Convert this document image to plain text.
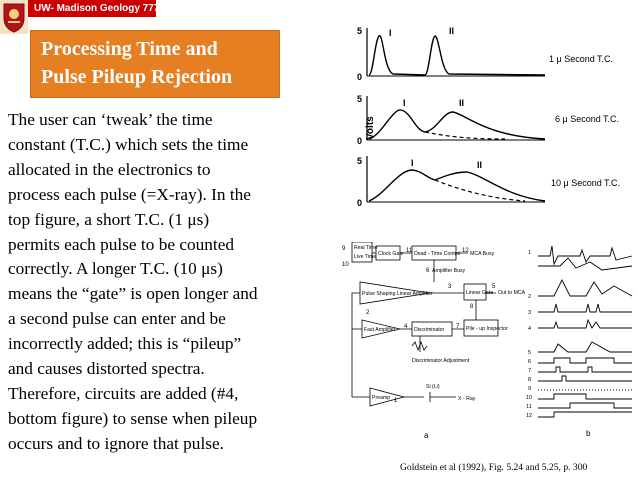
UW- Madison Geology 777
Processing Time and
Pulse Pileup Rejection
The user can ‘tweak’ the time
constant (T.C.) which sets the time
allocated in the electronics to
process each pulse (=X-ray). In the
top figure, a short T.C. (1 μs)
permits each pulse to be counted
correctly. A longer T.C. (10 μs)
means the “gate” is open longer and
a second pulse can enter and be
incorrectly added; this is “pileup”
and causes distorted spectra.
Therefore, circuits are added (#4,
bottom figure) to sense when pileup
occurs and to ignore that pulse.
Volts
5
0
I	II
1 μ Second T.C.
5
0
I	II
6 μ Second T.C.
5
0
I	II
10 μ Second T.C.
9
10
11	12
6
3	5
8
2
4	7
1
Real Time
Live Time Clock Gate Dead - Time Control MCA Busy
Amplifier Busy
Pulse Shaping Linear Amplifier	Linear Gate Out to MCA
Fast Amplifier	Discriminator	Pile - up Inspector
Discriminator Adjustment
Preamp
Si (Li)
X - Ray
a
1
2
3
4
5
6
7
8
9
10
11
12
b
Goldstein et al (1992), Fig. 5.24 and 5.25, p. 300
